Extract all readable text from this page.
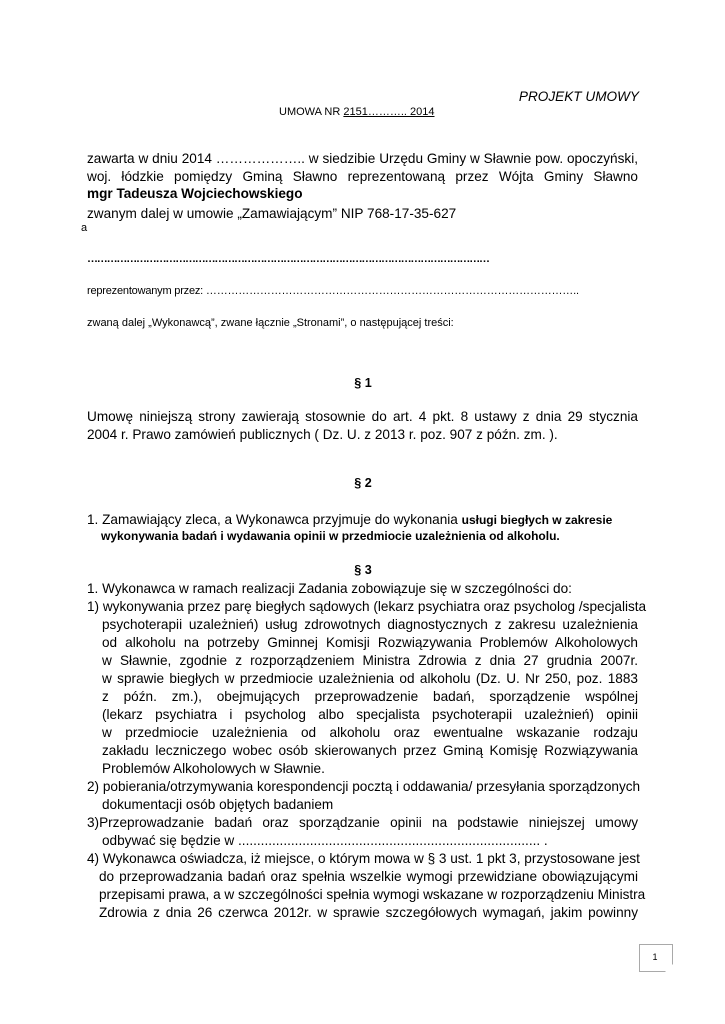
PROJEKT UMOWY
UMOWA NR 2151……….. 2014
zawarta w dniu 2014 ……………….. w siedzibie Urzędu Gminy w Sławnie pow. opoczyński,
woj. łódzkie pomiędzy Gminą Sławno reprezentowaną przez Wójta Gminy Sławno
mgr Tadeusza Wojciechowskiego
zwanym dalej w umowie „Zamawiającym” NIP 768-17-35-627
a
……………………………………………………………………………………………………………
reprezentowanym przez: …………………………………………………………………………………………..
zwaną dalej „Wykonawcą”, zwane łącznie „Stronami”, o następującej treści:
§ 1
Umowę niniejszą strony zawierają stosownie do art. 4 pkt. 8 ustawy z dnia 29 stycznia
2004 r. Prawo zamówień publicznych ( Dz. U. z 2013 r. poz. 907 z późn. zm. ).
§ 2
1. Zamawiający zleca, a Wykonawca przyjmuje do wykonania usługi biegłych w zakresie
wykonywania badań i wydawania opinii w przedmiocie uzależnienia od alkoholu.
§ 3
1. Wykonawca w ramach realizacji Zadania zobowiązuje się w szczególności do:
1) wykonywania przez parę biegłych sądowych (lekarz psychiatra oraz psycholog /specjalista
psychoterapii uzależnień) usług zdrowotnych diagnostycznych z zakresu uzależnienia
od alkoholu na potrzeby Gminnej Komisji Rozwiązywania Problemów Alkoholowych
w Sławnie, zgodnie z rozporządzeniem Ministra Zdrowia z dnia 27 grudnia 2007r.
w sprawie biegłych w przedmiocie uzależnienia od alkoholu (Dz. U. Nr 250, poz. 1883
z późn. zm.), obejmujących przeprowadzenie badań, sporządzenie wspólnej
(lekarz psychiatra i psycholog albo specjalista psychoterapii uzależnień) opinii
w przedmiocie uzależnienia od alkoholu oraz ewentualne wskazanie rodzaju
zakładu leczniczego wobec osób skierowanych przez Gminą Komisję Rozwiązywania
Problemów Alkoholowych w Sławnie.
2) pobierania/otrzymywania korespondencji pocztą i oddawania/ przesyłania sporządzonych
dokumentacji osób objętych badaniem
3)Przeprowadzanie badań oraz sporządzanie opinii na podstawie niniejszej umowy
odbywać się będzie w ................................................................................ .
4) Wykonawca oświadcza, iż miejsce, o którym mowa w § 3 ust. 1 pkt 3, przystosowane jest
do przeprowadzania badań oraz spełnia wszelkie wymogi przewidziane obowiązującymi
przepisami prawa, a w szczególności spełnia wymogi wskazane w rozporządzeniu Ministra
Zdrowia z dnia 26 czerwca 2012r. w sprawie szczegółowych wymagań, jakim powinny
1
